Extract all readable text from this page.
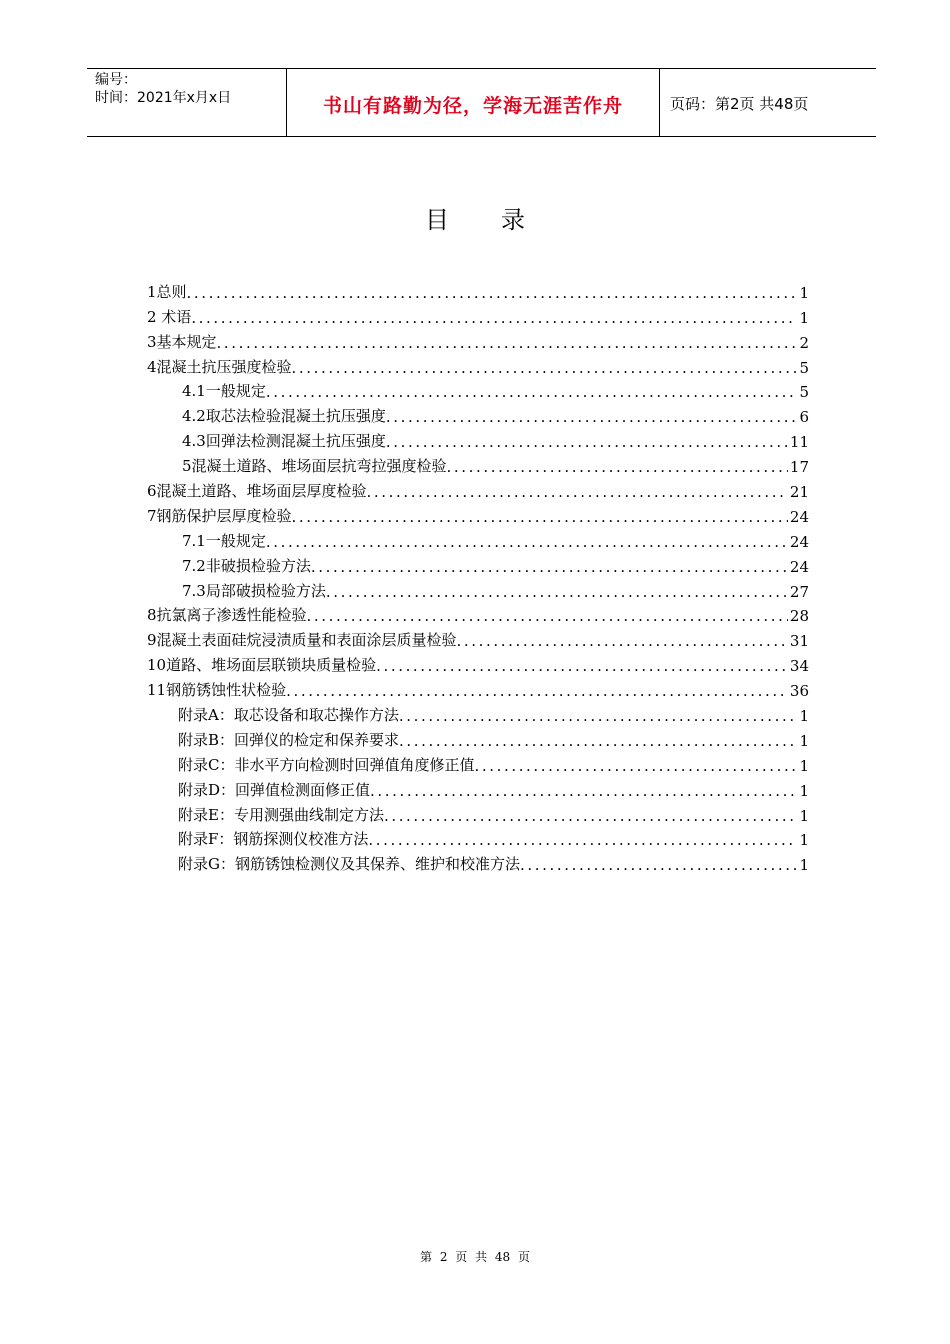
编号：
时间：2021年x月x日	书山有路勤为径，学海无涯苦作舟	页码：第2页 共48页
目录
1总则 .....	1
2 术语 .....	1
3基本规定 .....	2
4混凝土抗压强度检验 .....	5
4.1一般规定 .....	5
4.2取芯法检验混凝土抗压强度 .....	6
4.3回弹法检测混凝土抗压强度 .....	11
5混凝土道路、堆场面层抗弯拉强度检验 .....	17
6混凝土道路、堆场面层厚度检验 .....	21
7钢筋保护层厚度检验 .....	24
7.1一般规定 .....	24
7.2非破损检验方法 .....	24
7.3局部破损检验方法 .....	27
8抗氯离子渗透性能检验 .....	28
9混凝土表面硅烷浸渍质量和表面涂层质量检验 .....	31
10道路、堆场面层联锁块质量检验 .....	34
11钢筋锈蚀性状检验 .....	36
附录A：取芯设备和取芯操作方法 .....	1
附录B：回弹仪的检定和保养要求 .....	1
附录C：非水平方向检测时回弹值角度修正值 .....	1
附录D：回弹值检测面修正值 .....	1
附录E：专用测强曲线制定方法 .....	1
附录F：钢筋探测仪校准方法 .....	1
附录G：钢筋锈蚀检测仪及其保养、维护和校准方法 .....	1
第 2 页 共 48 页
